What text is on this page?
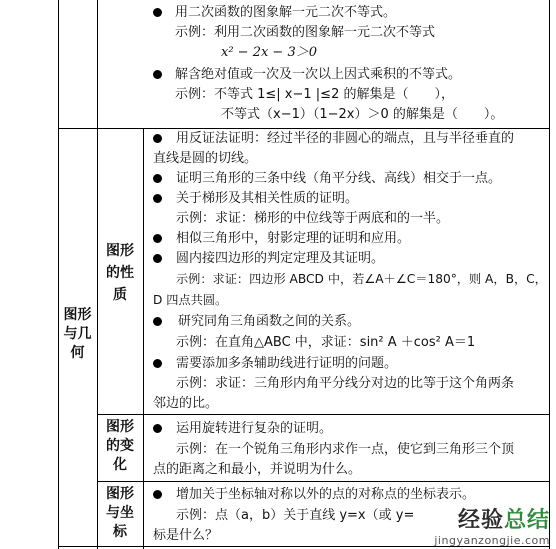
用二次函数的图象解一元二次不等式。
示例：利用二次函数的图象解一元二次不等式
x² − 2x − 3＞0
解含绝对值或一次及一次以上因式乘积的不等式。
示例：不等式 1≤| x−1 |≤2 的解集是（　　），
不等式（x−1）（1−2x）＞0 的解集是（　　）。
图形
与几
何
图形
的性
质
用反证法证明：经过半径的非圆心的端点，且与半径垂直的
直线是圆的切线。
证明三角形的三条中线（角平分线、高线）相交于一点。
关于梯形及其相关性质的证明。
示例：求证：梯形的中位线等于两底和的一半。
相似三角形中，射影定理的证明和应用。
圆内接四边形的判定定理及其证明。
示例：求证：四边形 ABCD 中，若∠A＋∠C＝180°，则 A，B，C，
D 四点共圆。
研究同角三角函数之间的关系。
示例：在直角△ABC 中，求证：sin² A ＋cos² A＝1
需要添加多条辅助线进行证明的问题。
示例：求证：三角形内角平分线分对边的比等于这个角两条
邻边的比。
图形
的变
化
运用旋转进行复杂的证明。
示例：在一个锐角三角形内求作一点，使它到三角形三个顶
点的距离之和最小，并说明为什么。
图形
与坐
标
增加关于坐标轴对称以外的点的对称点的坐标表示。
示例：点（a，b）关于直线 y=x（或 y=
标是什么？
经验总结
jingyanzongjie.com
